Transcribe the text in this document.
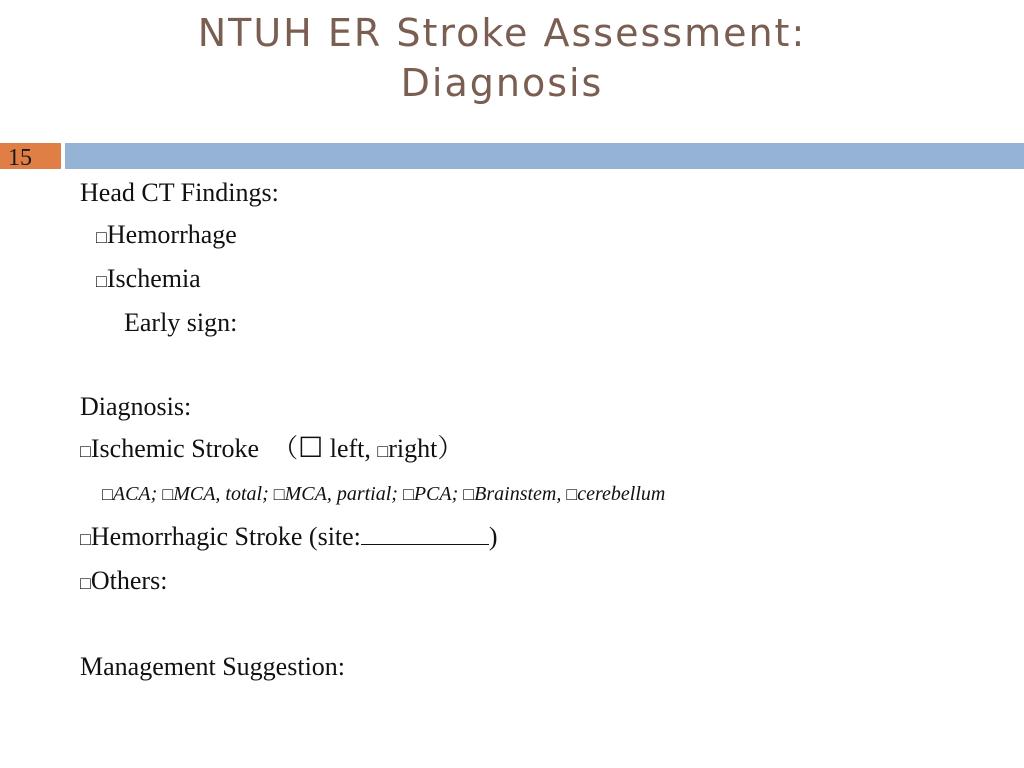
NTUH ER Stroke Assessment:
Diagnosis
15
Head CT Findings:
□Hemorrhage
□Ischemia
Early sign:
Diagnosis:
□Ischemic Stroke （☐ left, □right）
□ACA; □MCA, total; □MCA, partial; □PCA; □Brainstem, □cerebellum
□Hemorrhagic Stroke (site:	)
□Others:
Management Suggestion:
